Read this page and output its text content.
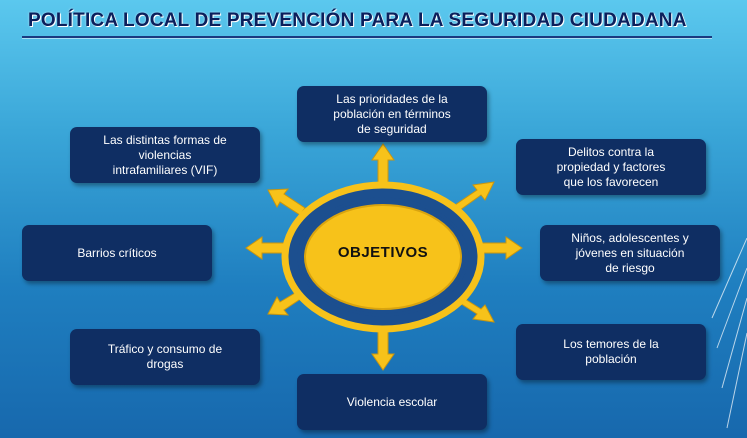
POLÍTICA LOCAL DE PREVENCIÓN PARA LA SEGURIDAD CIUDADANA
OBJETIVOS
Las prioridades de la
población en términos
de seguridad
Delitos contra la
propiedad y factores
que los favorecen
Niños, adolescentes y
jóvenes en situación
de riesgo
Los temores de la
población
Violencia escolar
Tráfico y consumo de
drogas
Barrios críticos
Las distintas formas de
violencias
intrafamiliares (VIF)
